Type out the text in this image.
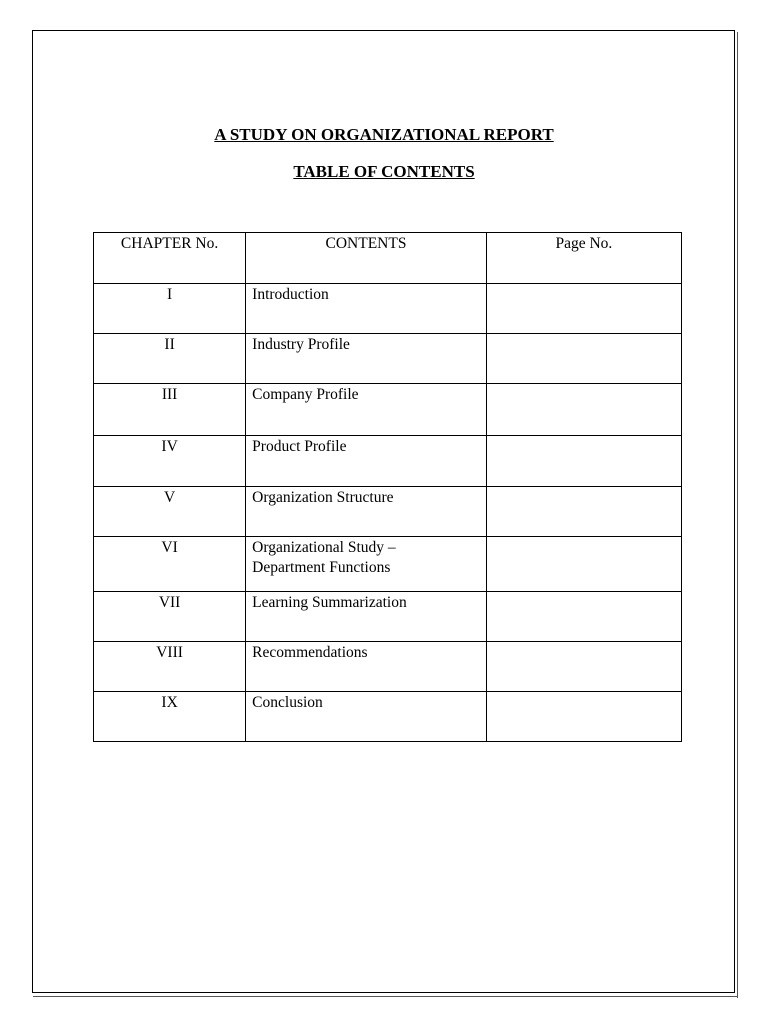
A STUDY ON ORGANIZATIONAL REPORT
TABLE OF CONTENTS
CHAPTER No.	CONTENTS	Page No.

I	Introduction	

II	Industry Profile	

III	Company Profile	

IV	Product Profile	

V	Organization Structure	

VI	Organizational Study –
Department Functions	

VII	Learning Summarization	

VIII	Recommendations	

IX	Conclusion	
